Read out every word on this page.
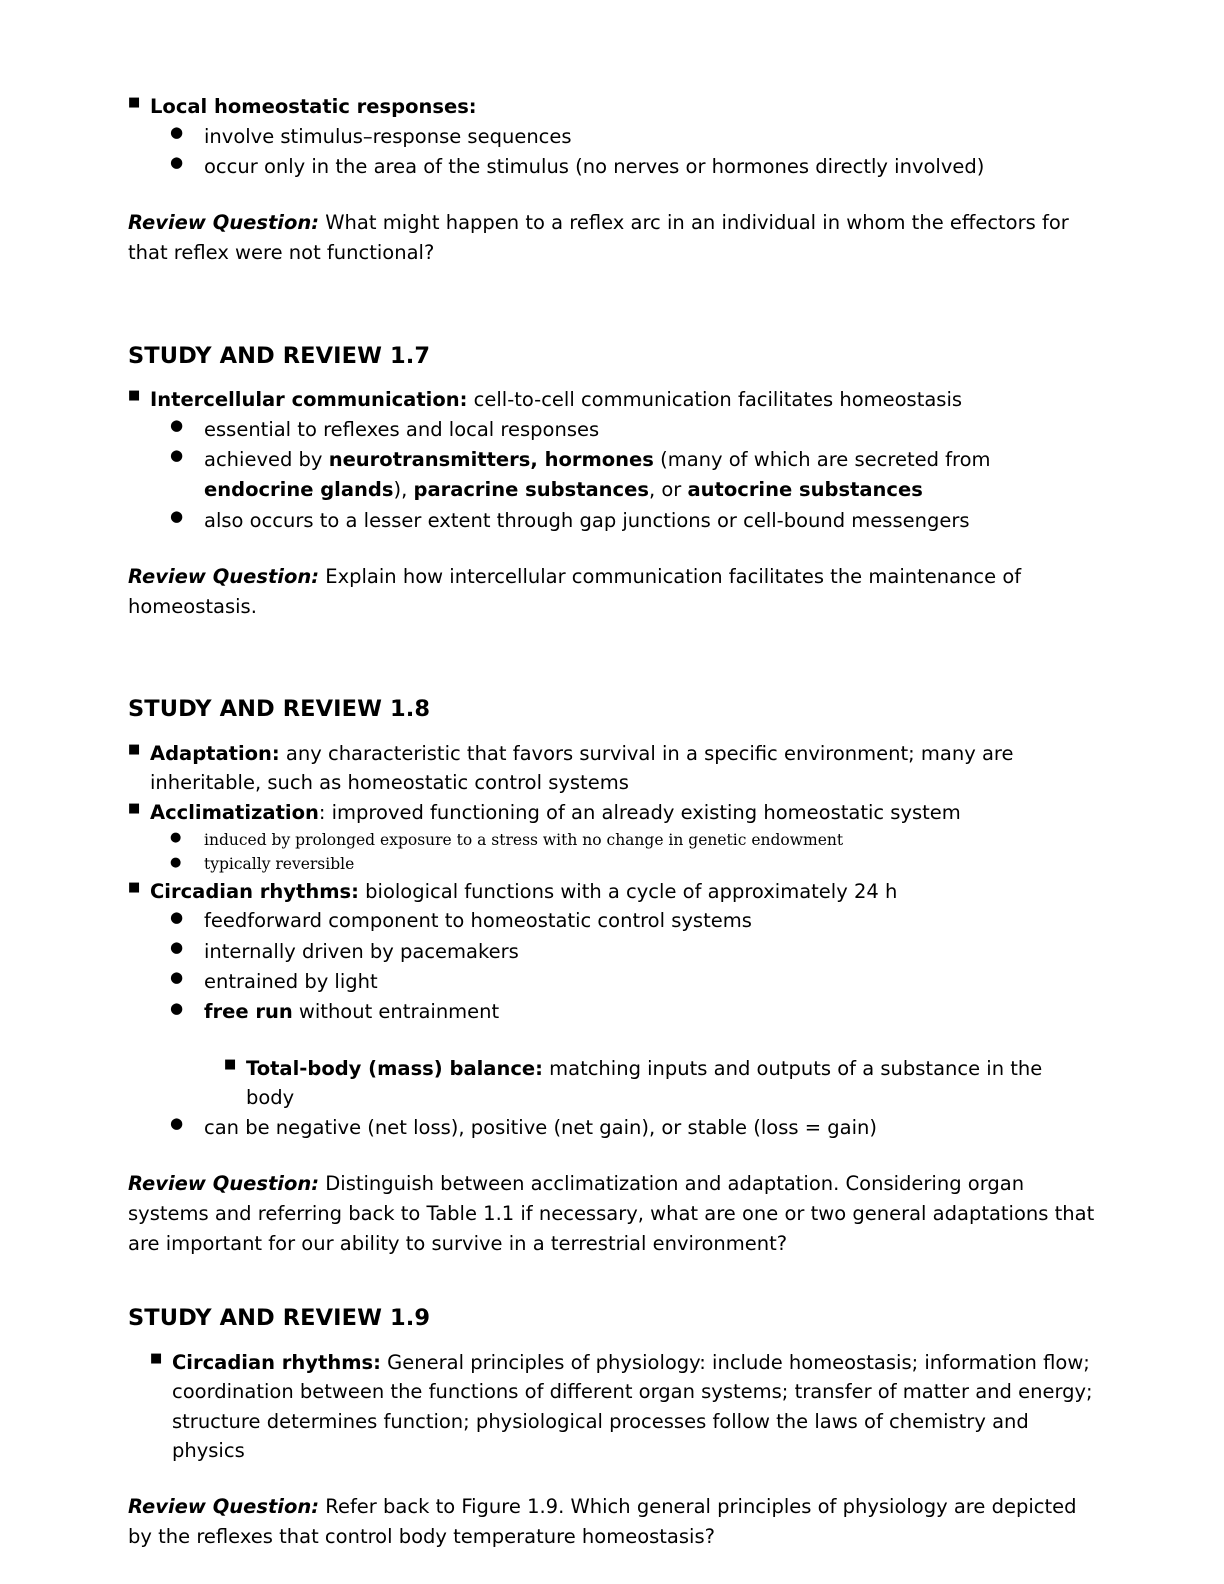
■ Local homeostatic responses:
● involve stimulus–response sequences
● occur only in the area of the stimulus (no nerves or hormones directly involved)

Review Question: What might happen to a reflex arc in an individual in whom the effectors for that reflex were not functional?

STUDY AND REVIEW 1.7
■ Intercellular communication: cell-to-cell communication facilitates homeostasis
● essential to reflexes and local responses
● achieved by neurotransmitters, hormones (many of which are secreted from endocrine glands), paracrine substances, or autocrine substances
● also occurs to a lesser extent through gap junctions or cell-bound messengers

Review Question: Explain how intercellular communication facilitates the maintenance of homeostasis.

STUDY AND REVIEW 1.8
■ Adaptation: any characteristic that favors survival in a specific environment; many are inheritable, such as homeostatic control systems
■ Acclimatization: improved functioning of an already existing homeostatic system
● induced by prolonged exposure to a stress with no change in genetic endowment
● typically reversible
■ Circadian rhythms: biological functions with a cycle of approximately 24 h
● feedforward component to homeostatic control systems
● internally driven by pacemakers
● entrained by light
● free run without entrainment
■ Total-body (mass) balance: matching inputs and outputs of a substance in the body
● can be negative (net loss), positive (net gain), or stable (loss = gain)

Review Question: Distinguish between acclimatization and adaptation. Considering organ systems and referring back to Table 1.1 if necessary, what are one or two general adaptations that are important for our ability to survive in a terrestrial environment?

STUDY AND REVIEW 1.9
■ Circadian rhythms: General principles of physiology: include homeostasis; information flow; coordination between the functions of different organ systems; transfer of matter and energy; structure determines function; physiological processes follow the laws of chemistry and physics

Review Question: Refer back to Figure 1.9. Which general principles of physiology are depicted by the reflexes that control body temperature homeostasis?
